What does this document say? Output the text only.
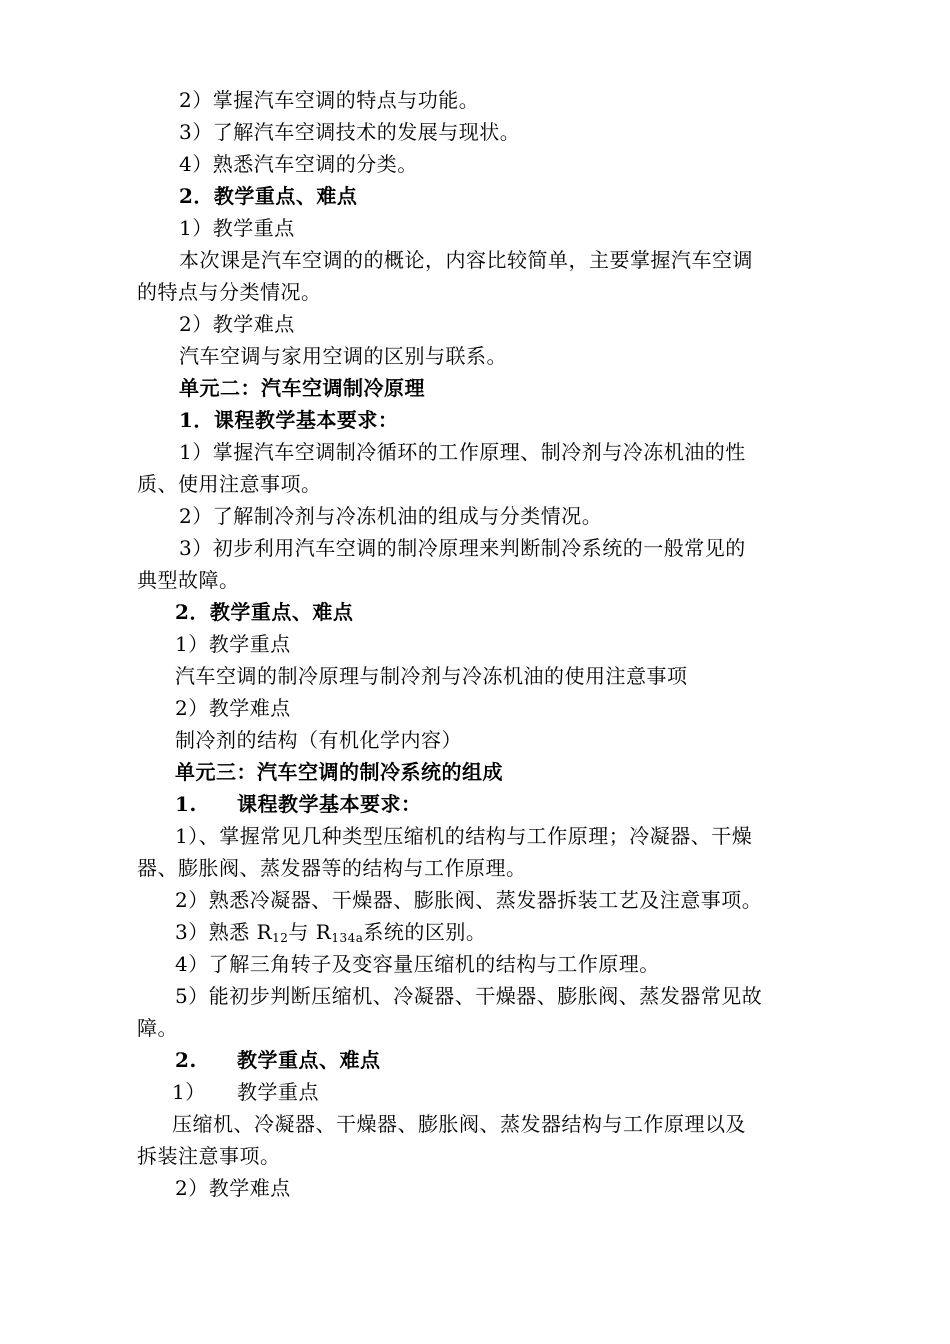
2）掌握汽车空调的特点与功能。
3）了解汽车空调技术的发展与现状。
4）熟悉汽车空调的分类。
2．教学重点、难点
1）教学重点
本次课是汽车空调的的概论，内容比较简单，主要掌握汽车空调
的特点与分类情况。
2）教学难点
汽车空调与家用空调的区别与联系。
单元二：汽车空调制冷原理
1．课程教学基本要求：
1）掌握汽车空调制冷循环的工作原理、制冷剂与冷冻机油的性
质、使用注意事项。
2）了解制冷剂与冷冻机油的组成与分类情况。
3）初步利用汽车空调的制冷原理来判断制冷系统的一般常见的
典型故障。
2．教学重点、难点
1）教学重点
汽车空调的制冷原理与制冷剂与冷冻机油的使用注意事项
2）教学难点
制冷剂的结构（有机化学内容）
单元三：汽车空调的制冷系统的组成
1. 课程教学基本要求：
1）、掌握常见几种类型压缩机的结构与工作原理；冷凝器、干燥
器、膨胀阀、蒸发器等的结构与工作原理。
2）熟悉冷凝器、干燥器、膨胀阀、蒸发器拆装工艺及注意事项。
3）熟悉 $R_{12}$与 $R_{134a}$系统的区别。
4）了解三角转子及变容量压缩机的结构与工作原理。
5）能初步判断压缩机、冷凝器、干燥器、膨胀阀、蒸发器常见故
障。
2. 教学重点、难点
1） 教学重点
压缩机、冷凝器、干燥器、膨胀阀、蒸发器结构与工作原理以及
拆装注意事项。
2）教学难点
